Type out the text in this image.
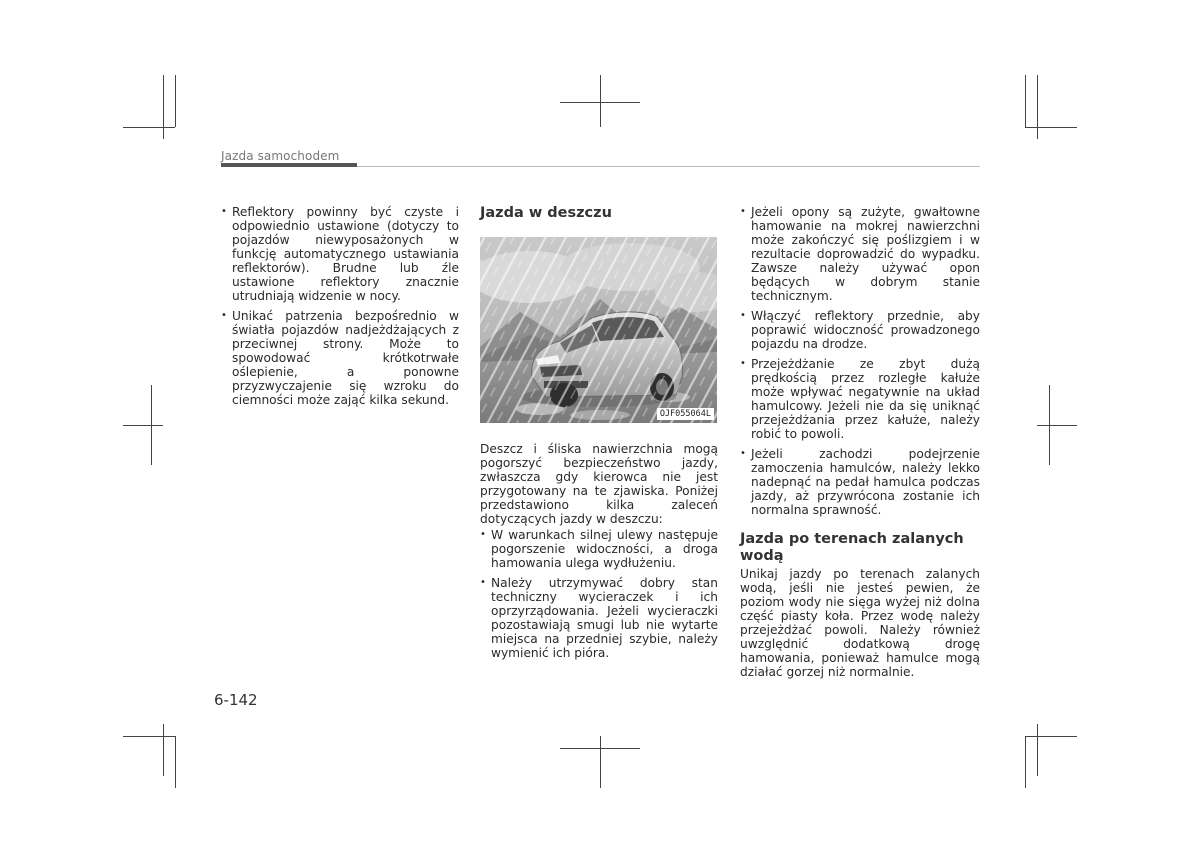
Jazda samochodem
• Reflektory powinny być czyste i odpowiednio ustawione (dotyczy to pojazdów niewyposażonych w funkcję automatycznego ustawiania reflektorów). Brudne lub źle ustawione reflektory znacznie utrudniają widzenie w nocy.
• Unikać patrzenia bezpośrednio w światła pojazdów nadjeżdżających z przeciwnej strony. Może to spowodować krótkotrwałe oślepienie, a ponowne przyzwyczajenie się wzroku do ciemności może zająć kilka sekund.
Jazda w deszczu
OJF055064L

Deszcz i śliska nawierzchnia mogą pogorszyć bezpieczeństwo jazdy, zwłaszcza gdy kierowca nie jest przygotowany na te zjawiska. Poniżej przedstawiono kilka zaleceń dotyczących jazdy w deszczu:

• W warunkach silnej ulewy następuje pogorszenie widoczności, a droga hamowania ulega wydłużeniu.
• Należy utrzymywać dobry stan techniczny wycieraczek i ich oprzyrządowania. Jeżeli wycieraczki pozostawiają smugi lub nie wytarte miejsca na przedniej szybie, należy wymienić ich pióra.
• Jeżeli opony są zużyte, gwałtowne hamowanie na mokrej nawierzchni może zakończyć się poślizgiem i w rezultacie doprowadzić do wypadku. Zawsze należy używać opon będących w dobrym stanie technicznym.
• Włączyć reflektory przednie, aby poprawić widoczność prowadzonego pojazdu na drodze.
• Przejeżdżanie ze zbyt dużą prędkością przez rozległe kałuże może wpływać negatywnie na układ hamulcowy. Jeżeli nie da się uniknąć przejeżdżania przez kałuże, należy robić to powoli.
• Jeżeli zachodzi podejrzenie zamoczenia hamulców, należy lekko nadepnąć na pedał hamulca podczas jazdy, aż przywrócona zostanie ich normalna sprawność.
Jazda po terenach zalanych wodą

Unikaj jazdy po terenach zalanych wodą, jeśli nie jesteś pewien, że poziom wody nie sięga wyżej niż dolna część piasty koła. Przez wodę należy przejeżdżać powoli. Należy również uwzględnić dodatkową drogę hamowania, ponieważ hamulce mogą działać gorzej niż normalnie.

6-142
